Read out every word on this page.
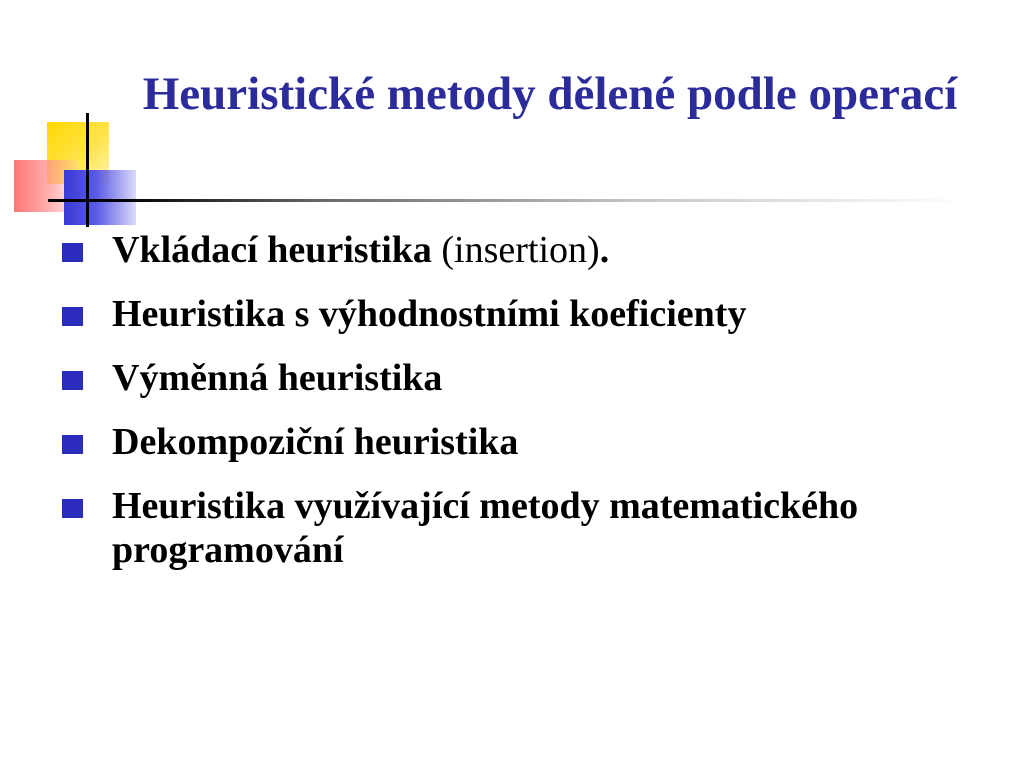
Heuristické metody dělené podle operací
Vkládací heuristika (insertion).
Heuristika s výhodnostními koeficienty
Výměnná heuristika
Dekompoziční heuristika
Heuristika využívající metody matematického programování
